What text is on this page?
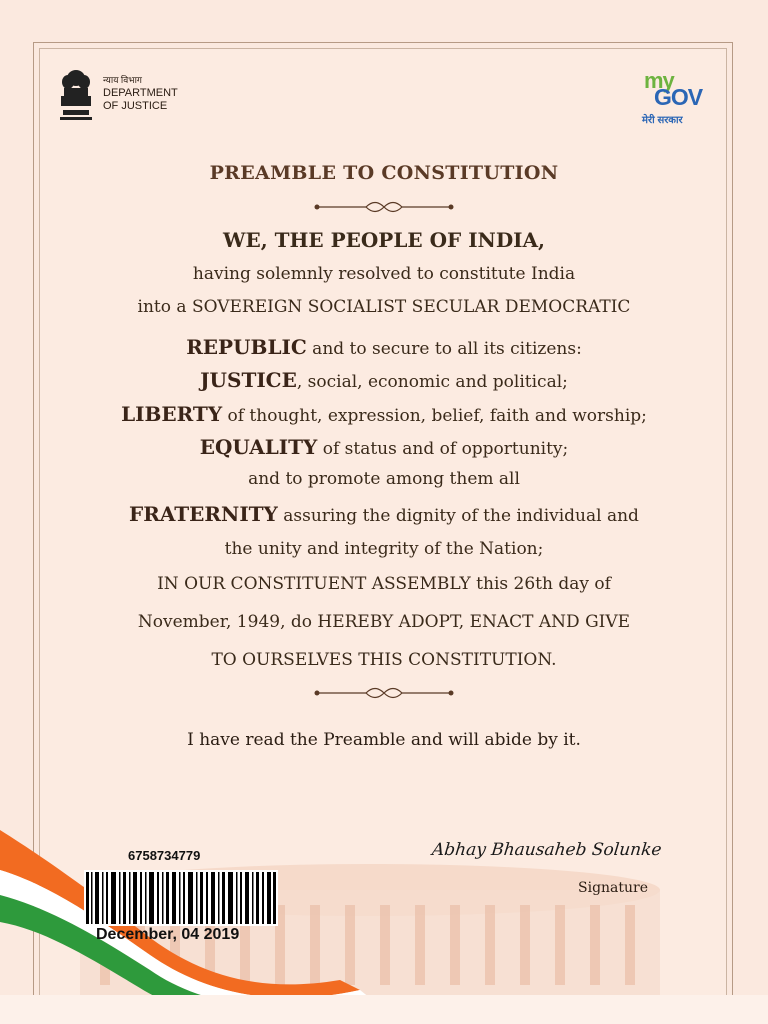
न्याय विभाग
DEPARTMENT
OF JUSTICE
my
GOV
मेरी सरकार
PREAMBLE TO CONSTITUTION
WE, THE PEOPLE OF INDIA,
having solemnly resolved to constitute India
into a SOVEREIGN SOCIALIST SECULAR DEMOCRATIC
REPUBLIC and to secure to all its citizens:
JUSTICE, social, economic and political;
LIBERTY of thought, expression, belief, faith and worship;
EQUALITY of status and of opportunity;
and to promote among them all
FRATERNITY assuring the dignity of the individual and
the unity and integrity of the Nation;
IN OUR CONSTITUENT ASSEMBLY this 26th day of
November, 1949, do HEREBY ADOPT, ENACT AND GIVE
TO OURSELVES THIS CONSTITUTION.
I have read the Preamble and will abide by it.
6758734779
December, 04 2019
Abhay Bhausaheb Solunke
Signature
